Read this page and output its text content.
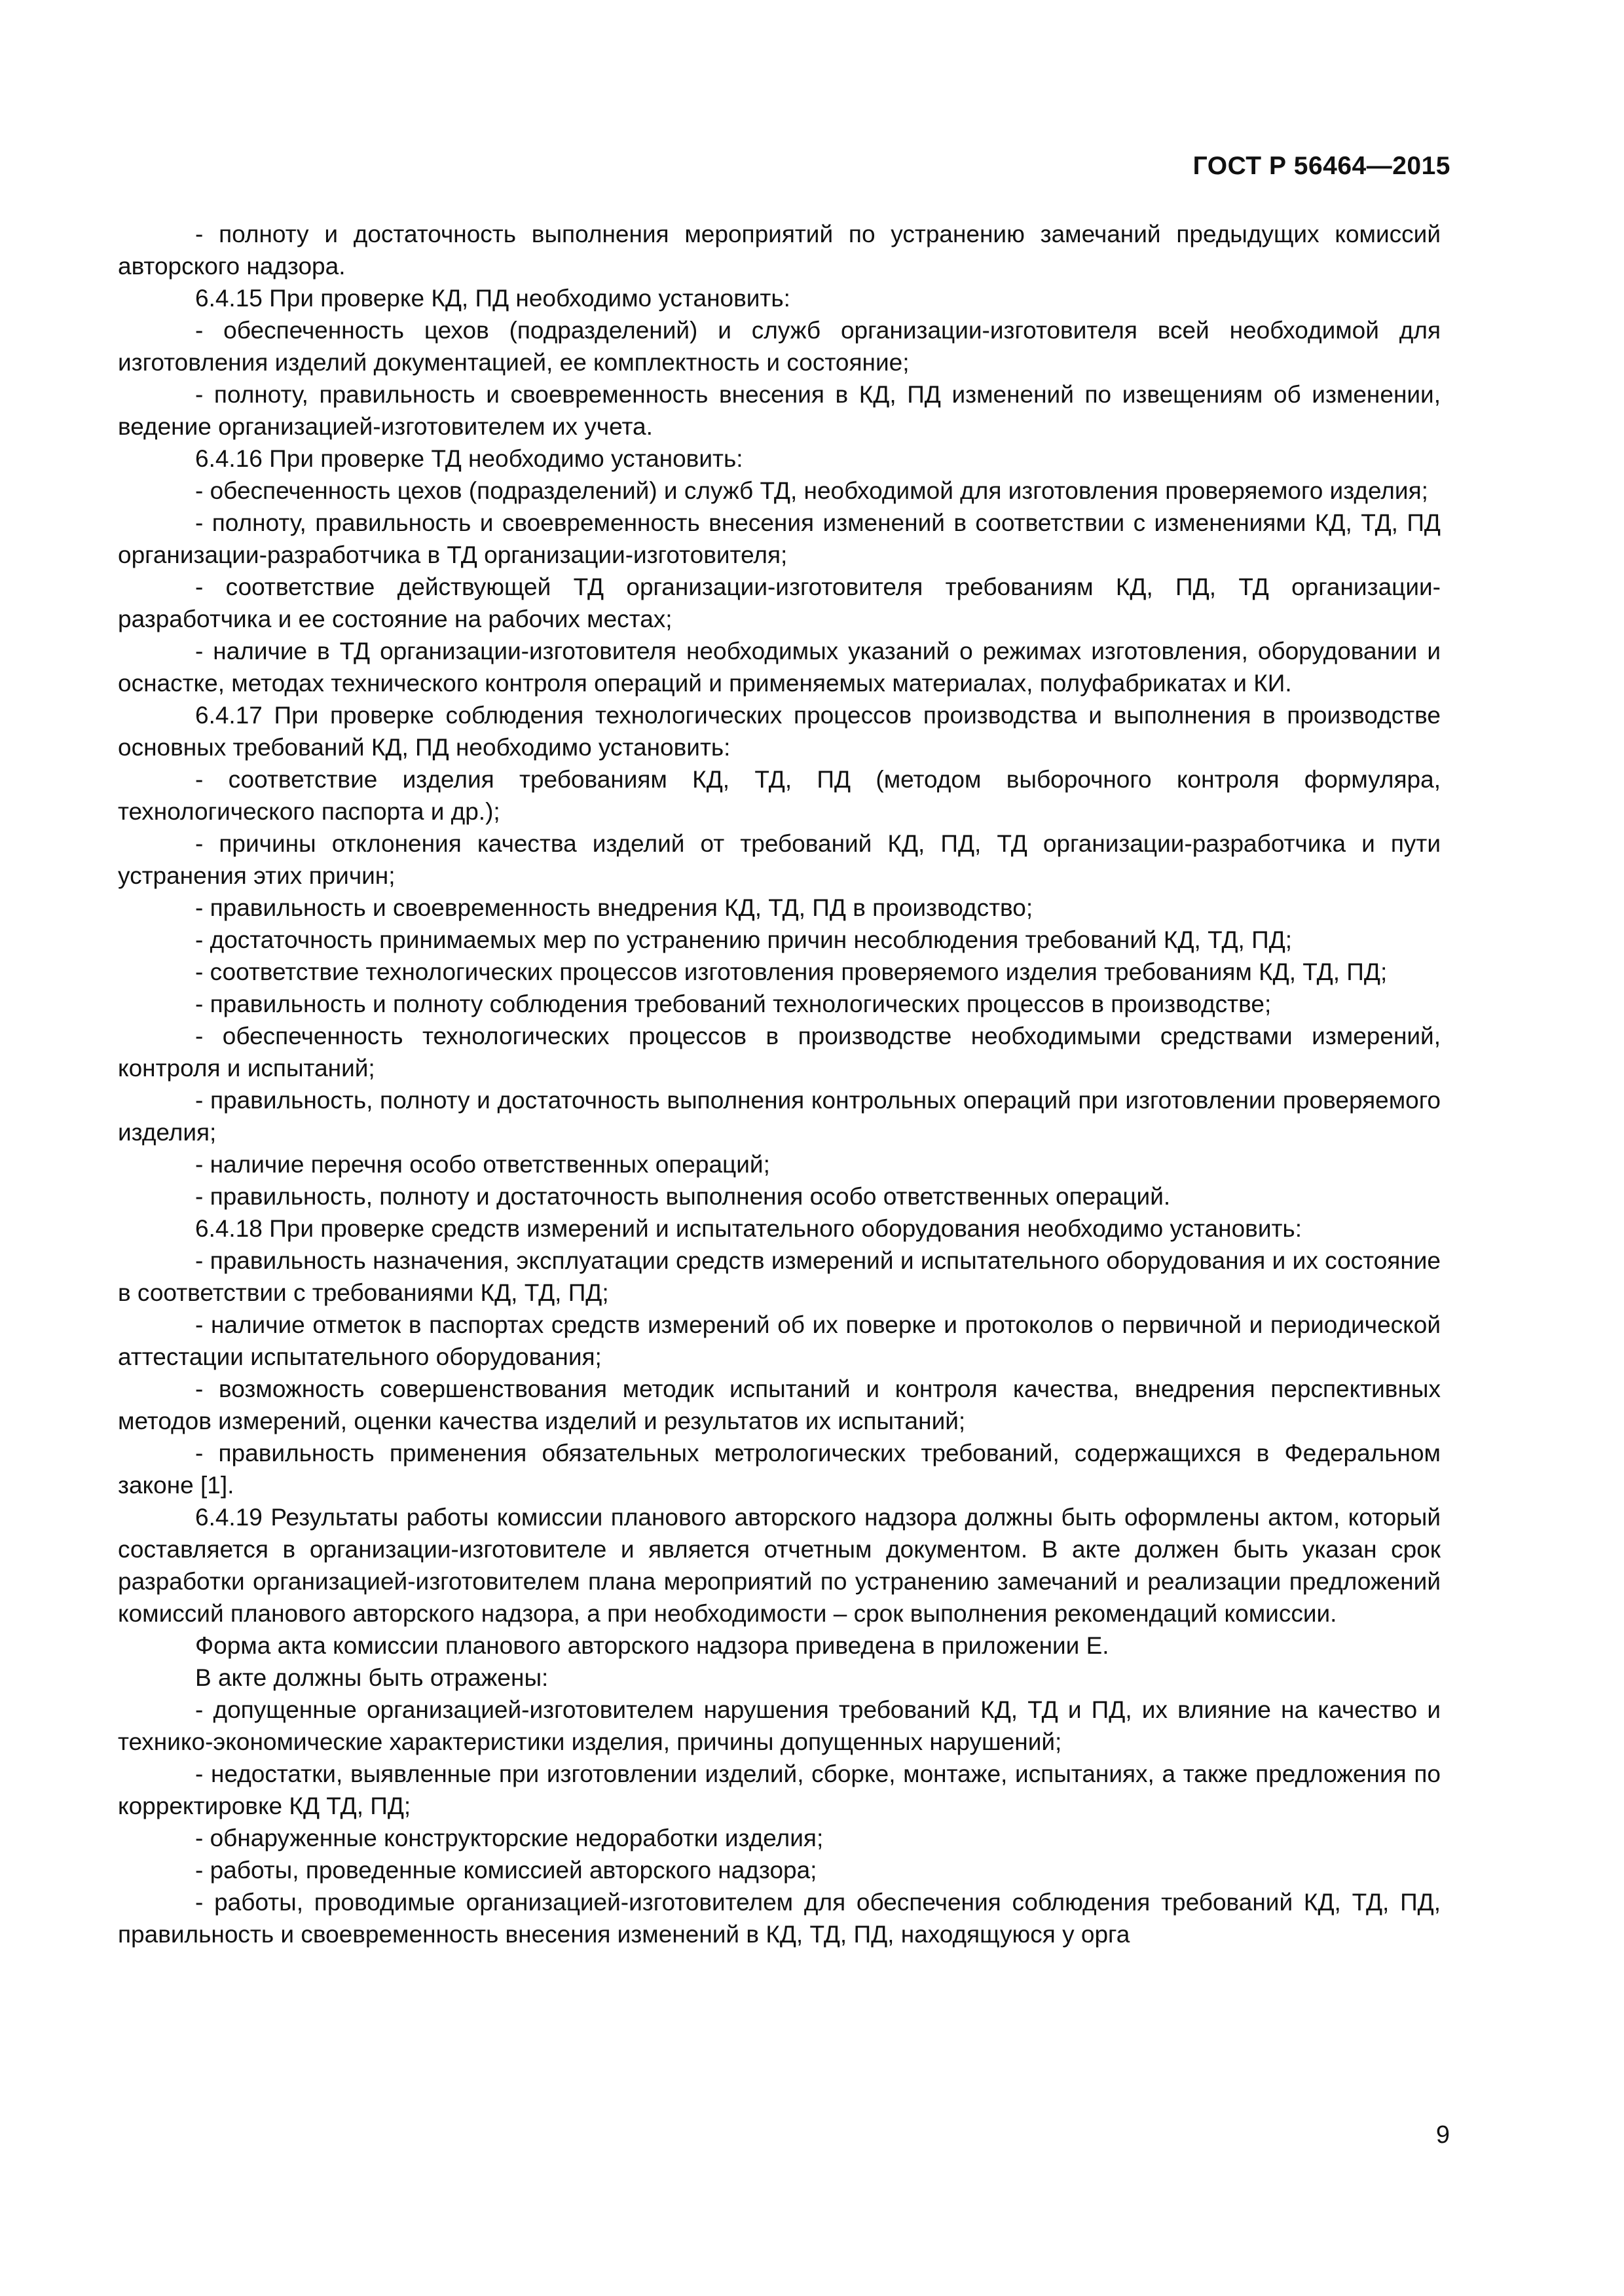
ГОСТ Р 56464—2015

- полноту и достаточность выполнения мероприятий по устранению замечаний предыдущих комиссий авторского надзора.

6.4.15 При проверке КД, ПД необходимо установить:

- обеспеченность цехов (подразделений) и служб организации-изготовителя всей необходимой для изготовления изделий документацией, ее комплектность и состояние;

- полноту, правильность и своевременность внесения в КД, ПД изменений по извещениям об изменении, ведение организацией-изготовителем их учета.

6.4.16 При проверке ТД необходимо установить:

- обеспеченность цехов (подразделений) и служб ТД, необходимой для изготовления проверяемого изделия;

- полноту, правильность и своевременность внесения изменений в соответствии с изменениями КД, ТД, ПД организации-разработчика в ТД организации-изготовителя;

- соответствие действующей ТД организации-изготовителя требованиям КД, ПД, ТД организации-разработчика и ее состояние на рабочих местах;

- наличие в ТД организации-изготовителя необходимых указаний о режимах изготовления, оборудовании и оснастке, методах технического контроля операций и применяемых материалах, полуфабрикатах и КИ.

6.4.17 При проверке соблюдения технологических процессов производства и выполнения в производстве основных требований КД, ПД необходимо установить:

- соответствие изделия требованиям КД, ТД, ПД (методом выборочного контроля формуляра, технологического паспорта и др.);

- причины отклонения качества изделий от требований КД, ПД, ТД организации-разработчика и пути устранения этих причин;

- правильность и своевременность внедрения КД, ТД, ПД в производство;

- достаточность принимаемых мер по устранению причин несоблюдения требований КД, ТД, ПД;

- соответствие технологических процессов изготовления проверяемого изделия требованиям КД, ТД, ПД;

- правильность и полноту соблюдения требований технологических процессов в производстве;

- обеспеченность технологических процессов в производстве необходимыми средствами измерений, контроля и испытаний;

- правильность, полноту и достаточность выполнения контрольных операций при изготовлении проверяемого изделия;

- наличие перечня особо ответственных операций;

- правильность, полноту и достаточность выполнения особо ответственных операций.

6.4.18 При проверке средств измерений и испытательного оборудования необходимо установить:

- правильность назначения, эксплуатации средств измерений и испытательного оборудования и их состояние в соответствии с требованиями КД, ТД, ПД;

- наличие отметок в паспортах средств измерений об их поверке и протоколов о первичной и периодической аттестации испытательного оборудования;

- возможность совершенствования методик испытаний и контроля качества, внедрения перспективных методов измерений, оценки качества изделий и результатов их испытаний;

- правильность применения обязательных метрологических требований, содержащихся в Федеральном законе [1].

6.4.19 Результаты работы комиссии планового авторского надзора должны быть оформлены актом, который составляется в организации-изготовителе и является отчетным документом. В акте должен быть указан срок разработки организацией-изготовителем плана мероприятий по устранению замечаний и реализации предложений комиссий планового авторского надзора, а при необходимости – срок выполнения рекомендаций комиссии.

Форма акта комиссии планового авторского надзора приведена в приложении Е.

В акте должны быть отражены:

- допущенные организацией-изготовителем нарушения требований КД, ТД и ПД, их влияние на качество и технико-экономические характеристики изделия, причины допущенных нарушений;

- недостатки, выявленные при изготовлении изделий, сборке, монтаже, испытаниях, а также предложения по корректировке КД ТД, ПД;

- обнаруженные конструкторские недоработки изделия;

- работы, проведенные комиссией авторского надзора;

- работы, проводимые организацией-изготовителем для обеспечения соблюдения требований КД, ТД, ПД, правильность и своевременность внесения изменений в КД, ТД, ПД, находящуюся у орга

9
